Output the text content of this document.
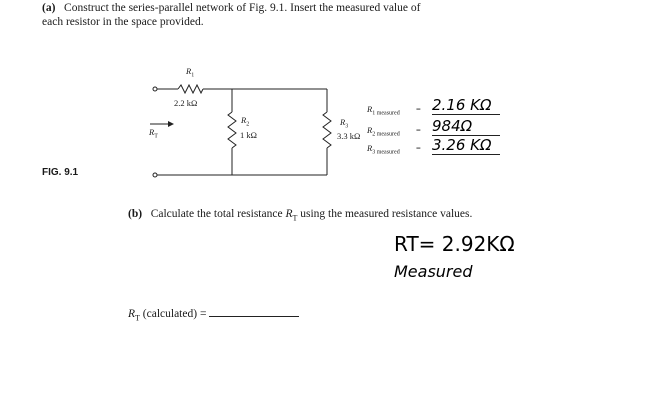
(a) Construct the series-parallel network of Fig. 9.1. Insert the measured value of
each resistor in the space provided.
$R_1$
2.2 kΩ
$R_2$
1 kΩ
$R_3$
3.3 kΩ
$R_T$
FIG. 9.1
$R_{1 measured}$ =
$R_{2 measured}$ =
$R_{3 measured}$ =
2.16 KΩ
984Ω
3.26 KΩ
(b) Calculate the total resistance $R_T$ using the measured resistance values.
RT= 2.92KΩ
Measured
$R_T$ (calculated) =
